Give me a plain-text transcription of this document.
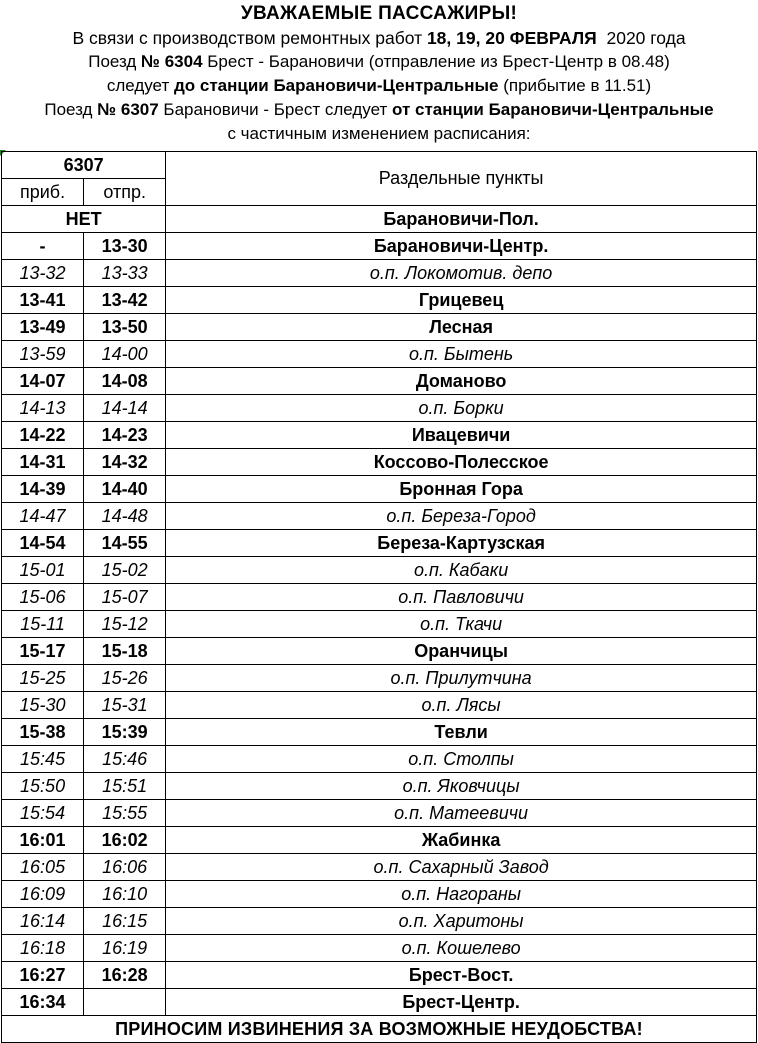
УВАЖАЕМЫЕ ПАССАЖИРЫ!
В связи с производством ремонтных работ 18, 19, 20 ФЕВРАЛЯ  2020 года
Поезд № 6304 Брест - Барановичи (отправление из Брест-Центр в 08.48)
следует до станции Барановичи-Центральные (прибытие в 11.51)
Поезд № 6307 Барановичи - Брест следует от станции Барановичи-Центральные
с частичным изменением расписания:
6307		Раздельные пункты
приб.	отпр.	
НЕТ		Барановичи-Пол.
-	13-30	Барановичи-Центр.
13-32	13-33	о.п. Локомотив. депо
13-41	13-42	Грицевец
13-49	13-50	Лесная
13-59	14-00	о.п. Бытень
14-07	14-08	Доманово
14-13	14-14	о.п. Борки
14-22	14-23	Ивацевичи
14-31	14-32	Коссово-Полесское
14-39	14-40	Бронная Гора
14-47	14-48	о.п. Береза-Город
14-54	14-55	Береза-Картузская
15-01	15-02	о.п. Кабаки
15-06	15-07	о.п. Павловичи
15-11	15-12	о.п. Ткачи
15-17	15-18	Оранчицы
15-25	15-26	о.п. Прилутчина
15-30	15-31	о.п. Лясы
15-38	15:39	Тевли
15:45	15:46	о.п. Столпы
15:50	15:51	о.п. Яковчицы
15:54	15:55	о.п. Матеевичи
16:01	16:02	Жабинка
16:05	16:06	о.п. Сахарный Завод
16:09	16:10	о.п. Нагораны
16:14	16:15	о.п. Харитоны
16:18	16:19	о.п. Кошелево
16:27	16:28	Брест-Вост.
16:34		Брест-Центр.
ПРИНОСИМ ИЗВИНЕНИЯ ЗА ВОЗМОЖНЫЕ НЕУДОБСТВА!		
